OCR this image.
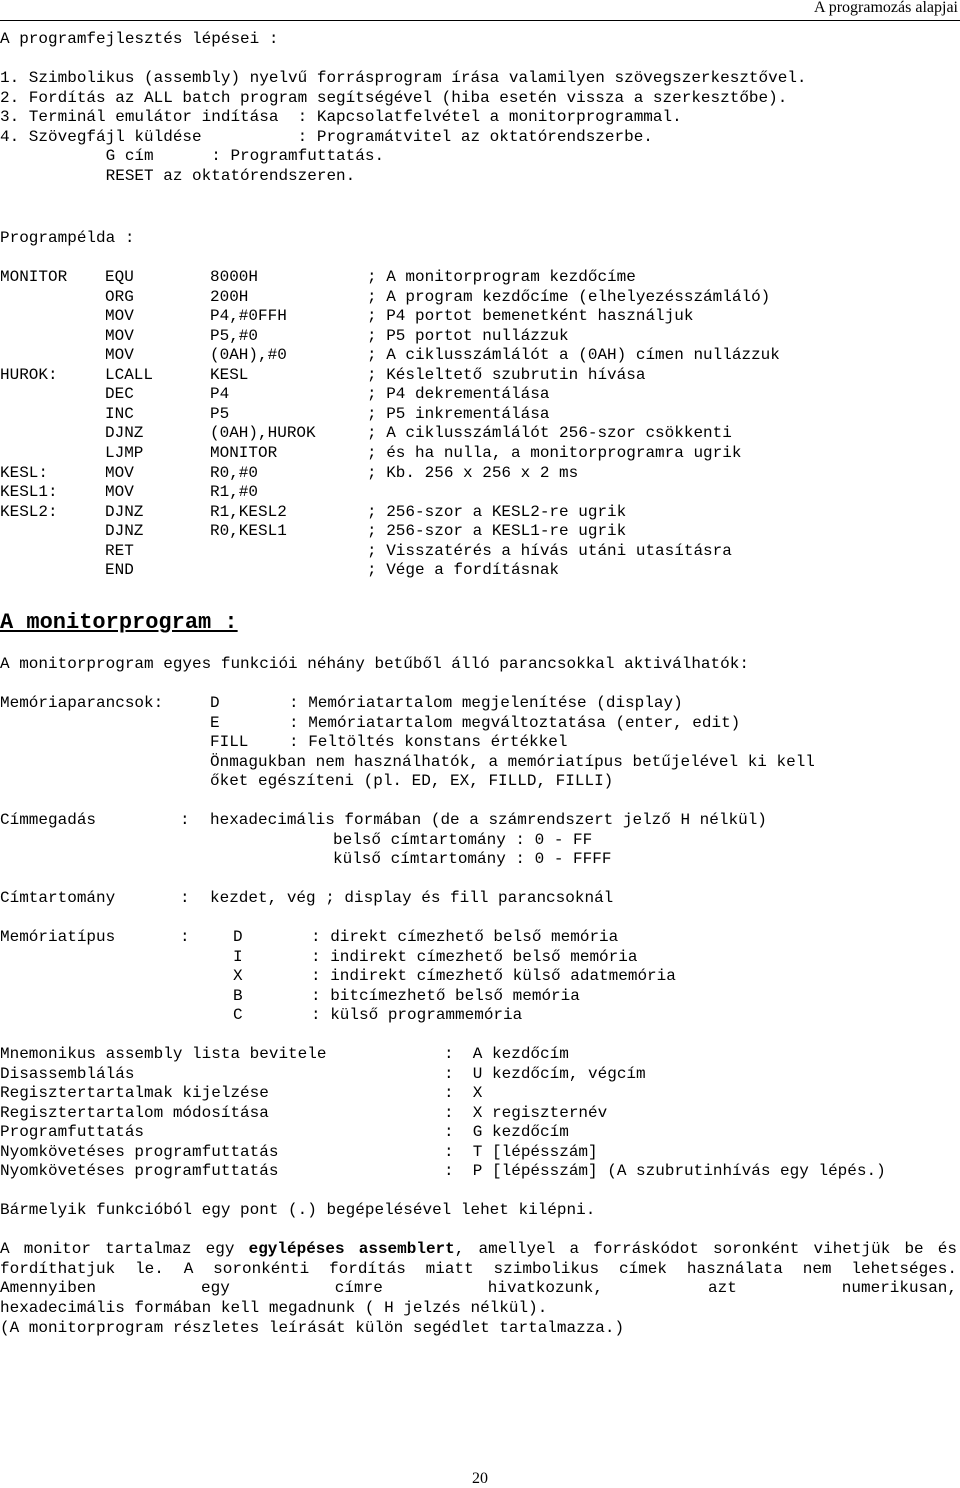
A programozás alapjai
A programfejlesztés lépései :
1. Szimbolikus (assembly) nyelvű forrásprogram írása valamilyen szövegszerkesztővel.
2. Fordítás az ALL batch program segítségével (hiba esetén vissza a szerkesztőbe).
3. Terminál emulátor indítása  : Kapcsolatfelvétel a monitorprogrammal.
4. Szövegfájl küldése          : Programátvitel az oktatórendszerbe.
G cím      : Programfuttatás.
RESET az oktatórendszeren.
Programpélda :
MONITOR EQU	8000H	; A monitorprogram kezdőcíme
ORG	200H	; A program kezdőcíme (elhelyezésszámláló)
MOV	P4,#0FFH	; P4 portot bemenetként használjuk
MOV	P5,#0	; P5 portot nullázzuk
MOV	(0AH),#0	; A ciklusszámlálót a (0AH) címen nullázzuk
HUROK:	LCALL	KESL	; Késleltető szubrutin hívása
DEC	P4	; P4 dekrementálása
INC	P5	; P5 inkrementálása
DJNZ	(0AH),HUROK	; A ciklusszámlálót 256-szor csökkenti
LJMP	MONITOR	; és ha nulla, a monitorprogramra ugrik
KESL:	MOV	R0,#0	; Kb. 256 x 256 x 2 ms
KESL1:	MOV	R1,#0
KESL2:	DJNZ	R1,KESL2	; 256-szor a KESL2-re ugrik
DJNZ	R0,KESL1	; 256-szor a KESL1-re ugrik
RET	; Visszatérés a hívás utáni utasításra
END	; Vége a fordításnak
A monitorprogram :
A monitorprogram egyes funkciói néhány betűből álló parancsokkal aktiválhatók:
Memóriaparancsok:	D	: Memóriatartalom megjelenítése (display)
E	: Memóriatartalom megváltoztatása (enter, edit)
FILL	: Feltöltés konstans értékkel
Önmagukban nem használhatók, a memóriatípus betűjelével ki kell
őket egészíteni (pl. ED, EX, FILLD, FILLI)
Címmegadás	: hexadecimális formában (de a számrendszert jelző H nélkül)
belső címtartomány : 0 - FF
külső címtartomány : 0 - FFFF
Címtartomány	: kezdet, vég ; display és fill parancsoknál
Memóriatípus	:	D	: direkt címezhető belső memória
I	: indirekt címezhető belső memória
X	: indirekt címezhető külső adatmemória
B	: bitcímezhető belső memória
C	: külső programmemória
Mnemonikus assembly lista bevitele	:  A kezdőcím
Disassemblálás	:  U kezdőcím, végcím
Regisztertartalmak kijelzése	:  X
Regisztertartalom módosítása	:  X regiszternév
Programfuttatás	:  G kezdőcím
Nyomkövetéses programfuttatás	:  T [lépésszám]
Nyomkövetéses programfuttatás	:  P [lépésszám] (A szubrutinhívás egy lépés.)
Bármelyik funkcióból egy pont (.) begépelésével lehet kilépni.
A monitor tartalmaz egy egylépéses assemblert, amellyel a forráskódot soronként vihetjük be és fordíthatjuk le. A soronkénti fordítás miatt szimbolikus címek használata nem lehetséges. Amennyiben egy címre hivatkozunk, azt numerikusan,
hexadecimális formában kell megadnunk ( H jelzés nélkül).
(A monitorprogram részletes leírását külön segédlet tartalmazza.)
20
